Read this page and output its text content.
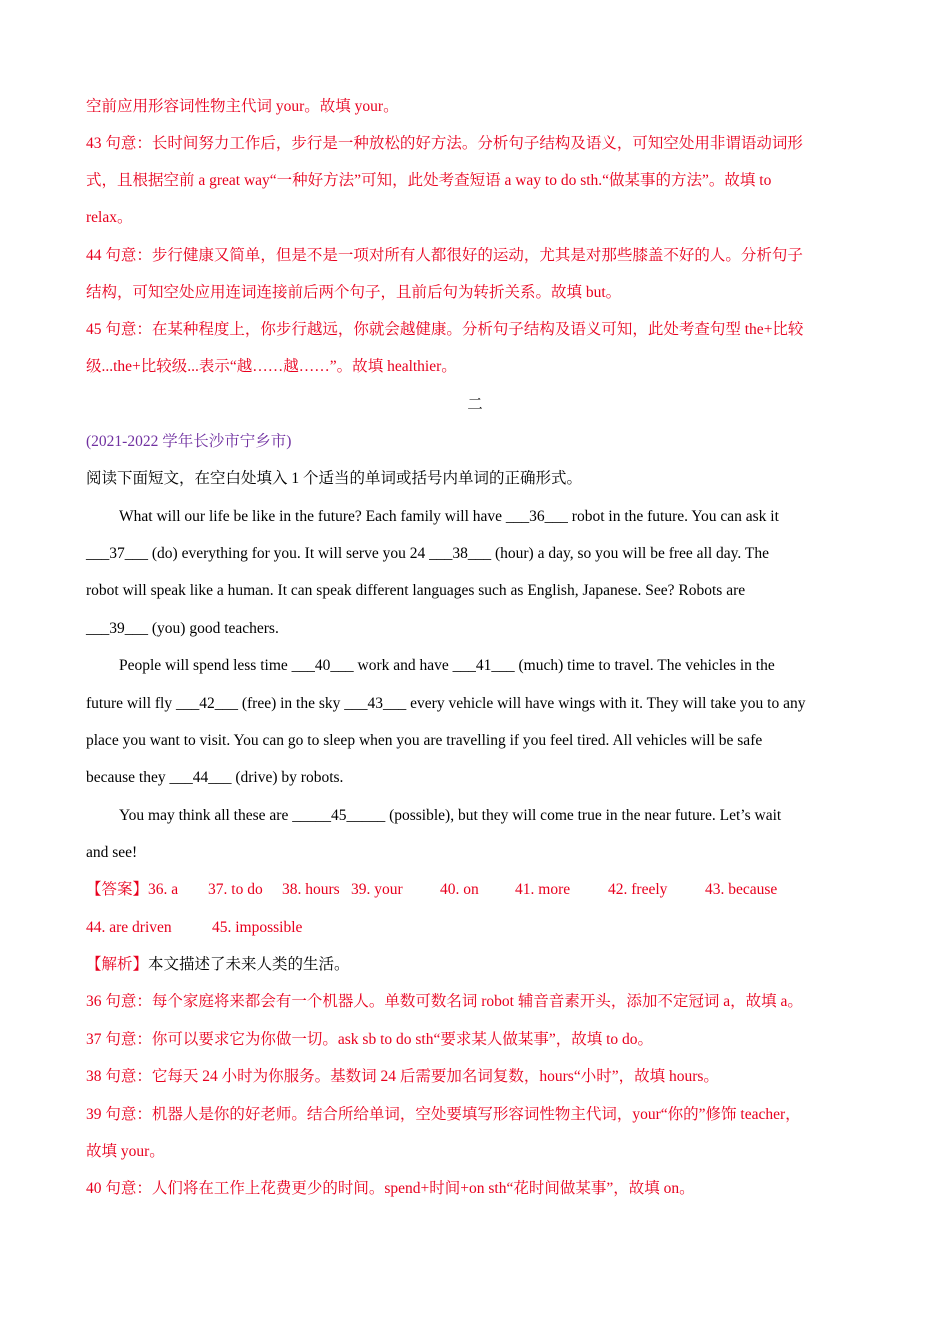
空前应用形容词性物主代词 your。故填 your。
43 句意：长时间努力工作后，步行是一种放松的好方法。分析句子结构及语义，可知空处用非谓语动词形
式，且根据空前 a great way“一种好方法”可知，此处考查短语 a way to do sth.“做某事的方法”。故填 to
relax。
44 句意：步行健康又简单，但是不是一项对所有人都很好的运动，尤其是对那些膝盖不好的人。分析句子
结构，可知空处应用连词连接前后两个句子，且前后句为转折关系。故填 but。
45 句意：在某种程度上，你步行越远，你就会越健康。分析句子结构及语义可知，此处考查句型 the+比较
级...the+比较级...表示“越……越……”。故填 healthier。
二
(2021-2022 学年长沙市宁乡市)
阅读下面短文，在空白处填入 1 个适当的单词或括号内单词的正确形式。
What will our life be like in the future? Each family will have ___36___ robot in the future. You can ask it
___37___ (do) everything for you. It will serve you 24 ___38___ (hour) a day, so you will be free all day. The
robot will speak like a human. It can speak different languages such as English, Japanese. See? Robots are
___39___ (you) good teachers.
People will spend less time ___40___ work and have ___41___ (much) time to travel. The vehicles in the
future will fly ___42___ (free) in the sky ___43___ every vehicle will have wings with it. They will take you to any
place you want to visit. You can go to sleep when you are travelling if you feel tired. All vehicles will be safe
because they ___44___ (drive) by robots.
You may think all these are _____45_____ (possible), but they will come true in the near future. Let’s wait
and see!
【答案】36. a 37. to do 38. hours 39. your 40. on 41. more 42. freely 43. because
44. are driven	45. impossible
【解析】本文描述了未来人类的生活。
36 句意：每个家庭将来都会有一个机器人。单数可数名词 robot 辅音音素开头，添加不定冠词 a，故填 a。
37 句意：你可以要求它为你做一切。ask sb to do sth“要求某人做某事”，故填 to do。
38 句意：它每天 24 小时为你服务。基数词 24 后需要加名词复数，hours“小时”，故填 hours。
39 句意：机器人是你的好老师。结合所给单词，空处要填写形容词性物主代词，your“你的”修饰 teacher，
故填 your。
40 句意：人们将在工作上花费更少的时间。spend+时间+on sth“花时间做某事”，故填 on。
